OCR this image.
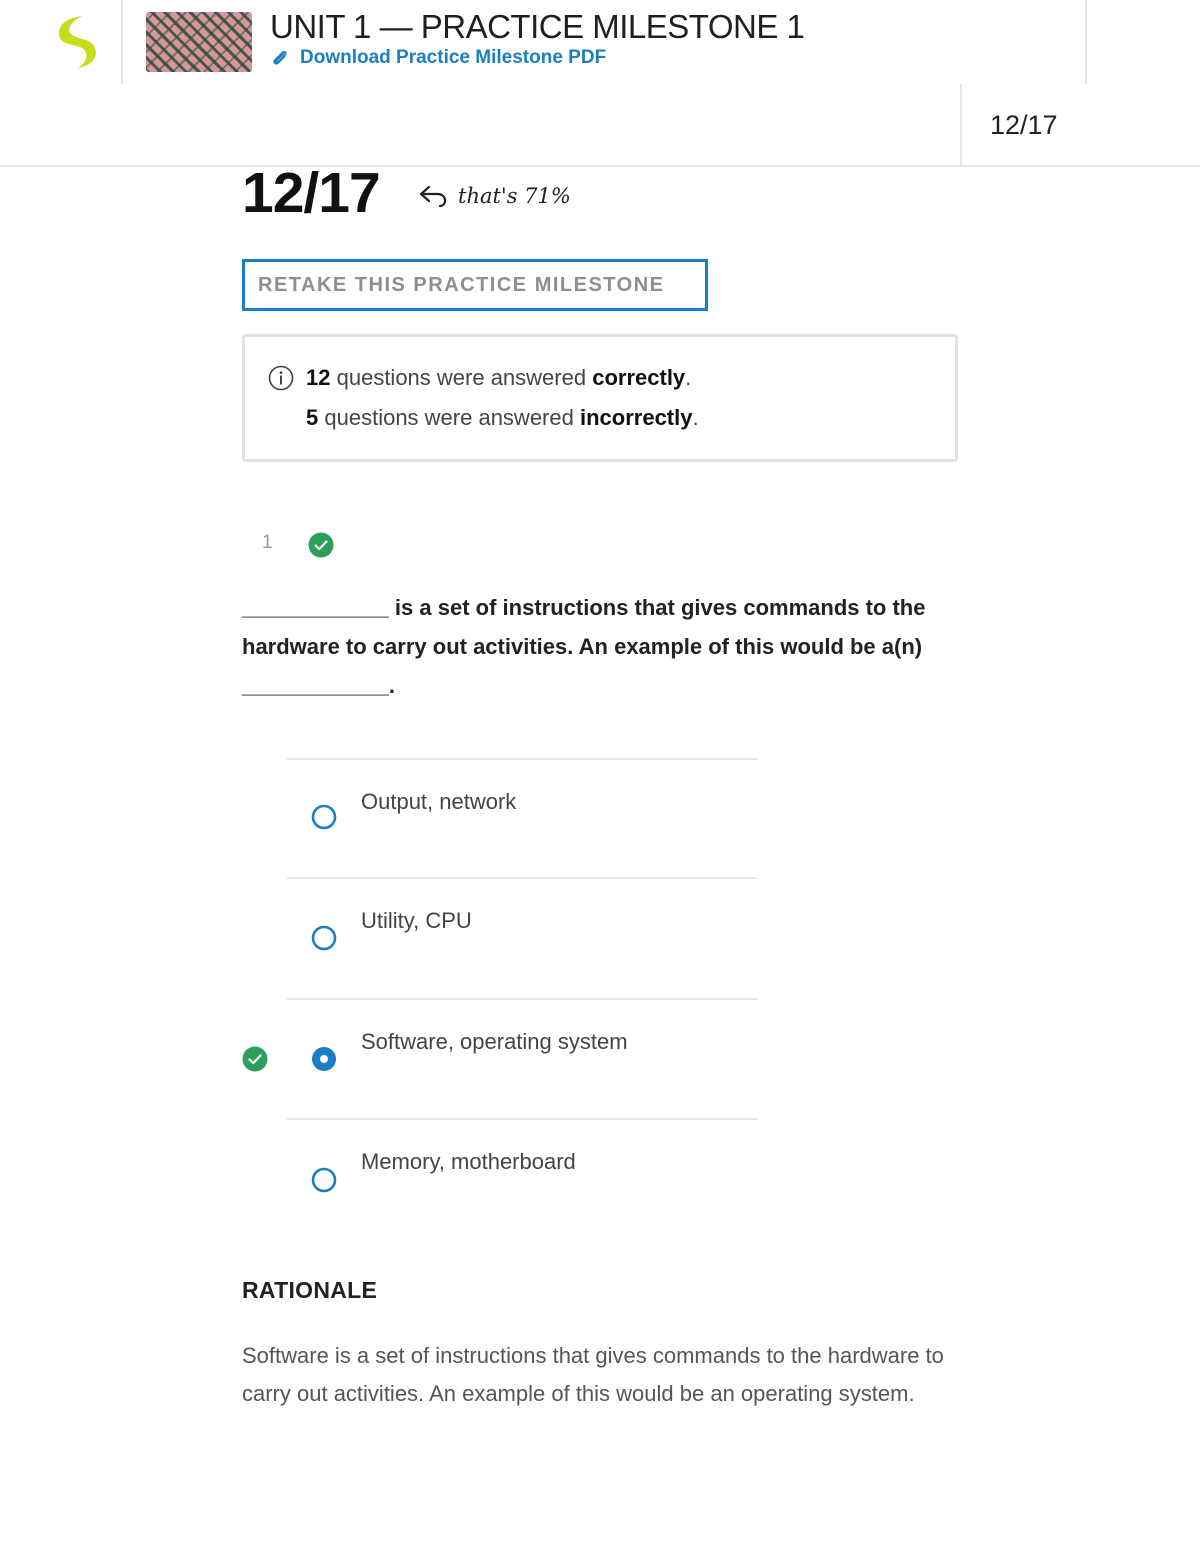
UNIT 1 — PRACTICE MILESTONE 1
Download Practice Milestone PDF
12/17
12/17	that's 71%
RETAKE THIS PRACTICE MILESTONE
12 questions were answered correctly.
5 questions were answered incorrectly.
1
____________ is a set of instructions that gives commands to the hardware to carry out activities. An example of this would be a(n) ____________.
Output, network
Utility, CPU
Software, operating system
Memory, motherboard
RATIONALE
Software is a set of instructions that gives commands to the hardware to carry out activities. An example of this would be an operating system.
